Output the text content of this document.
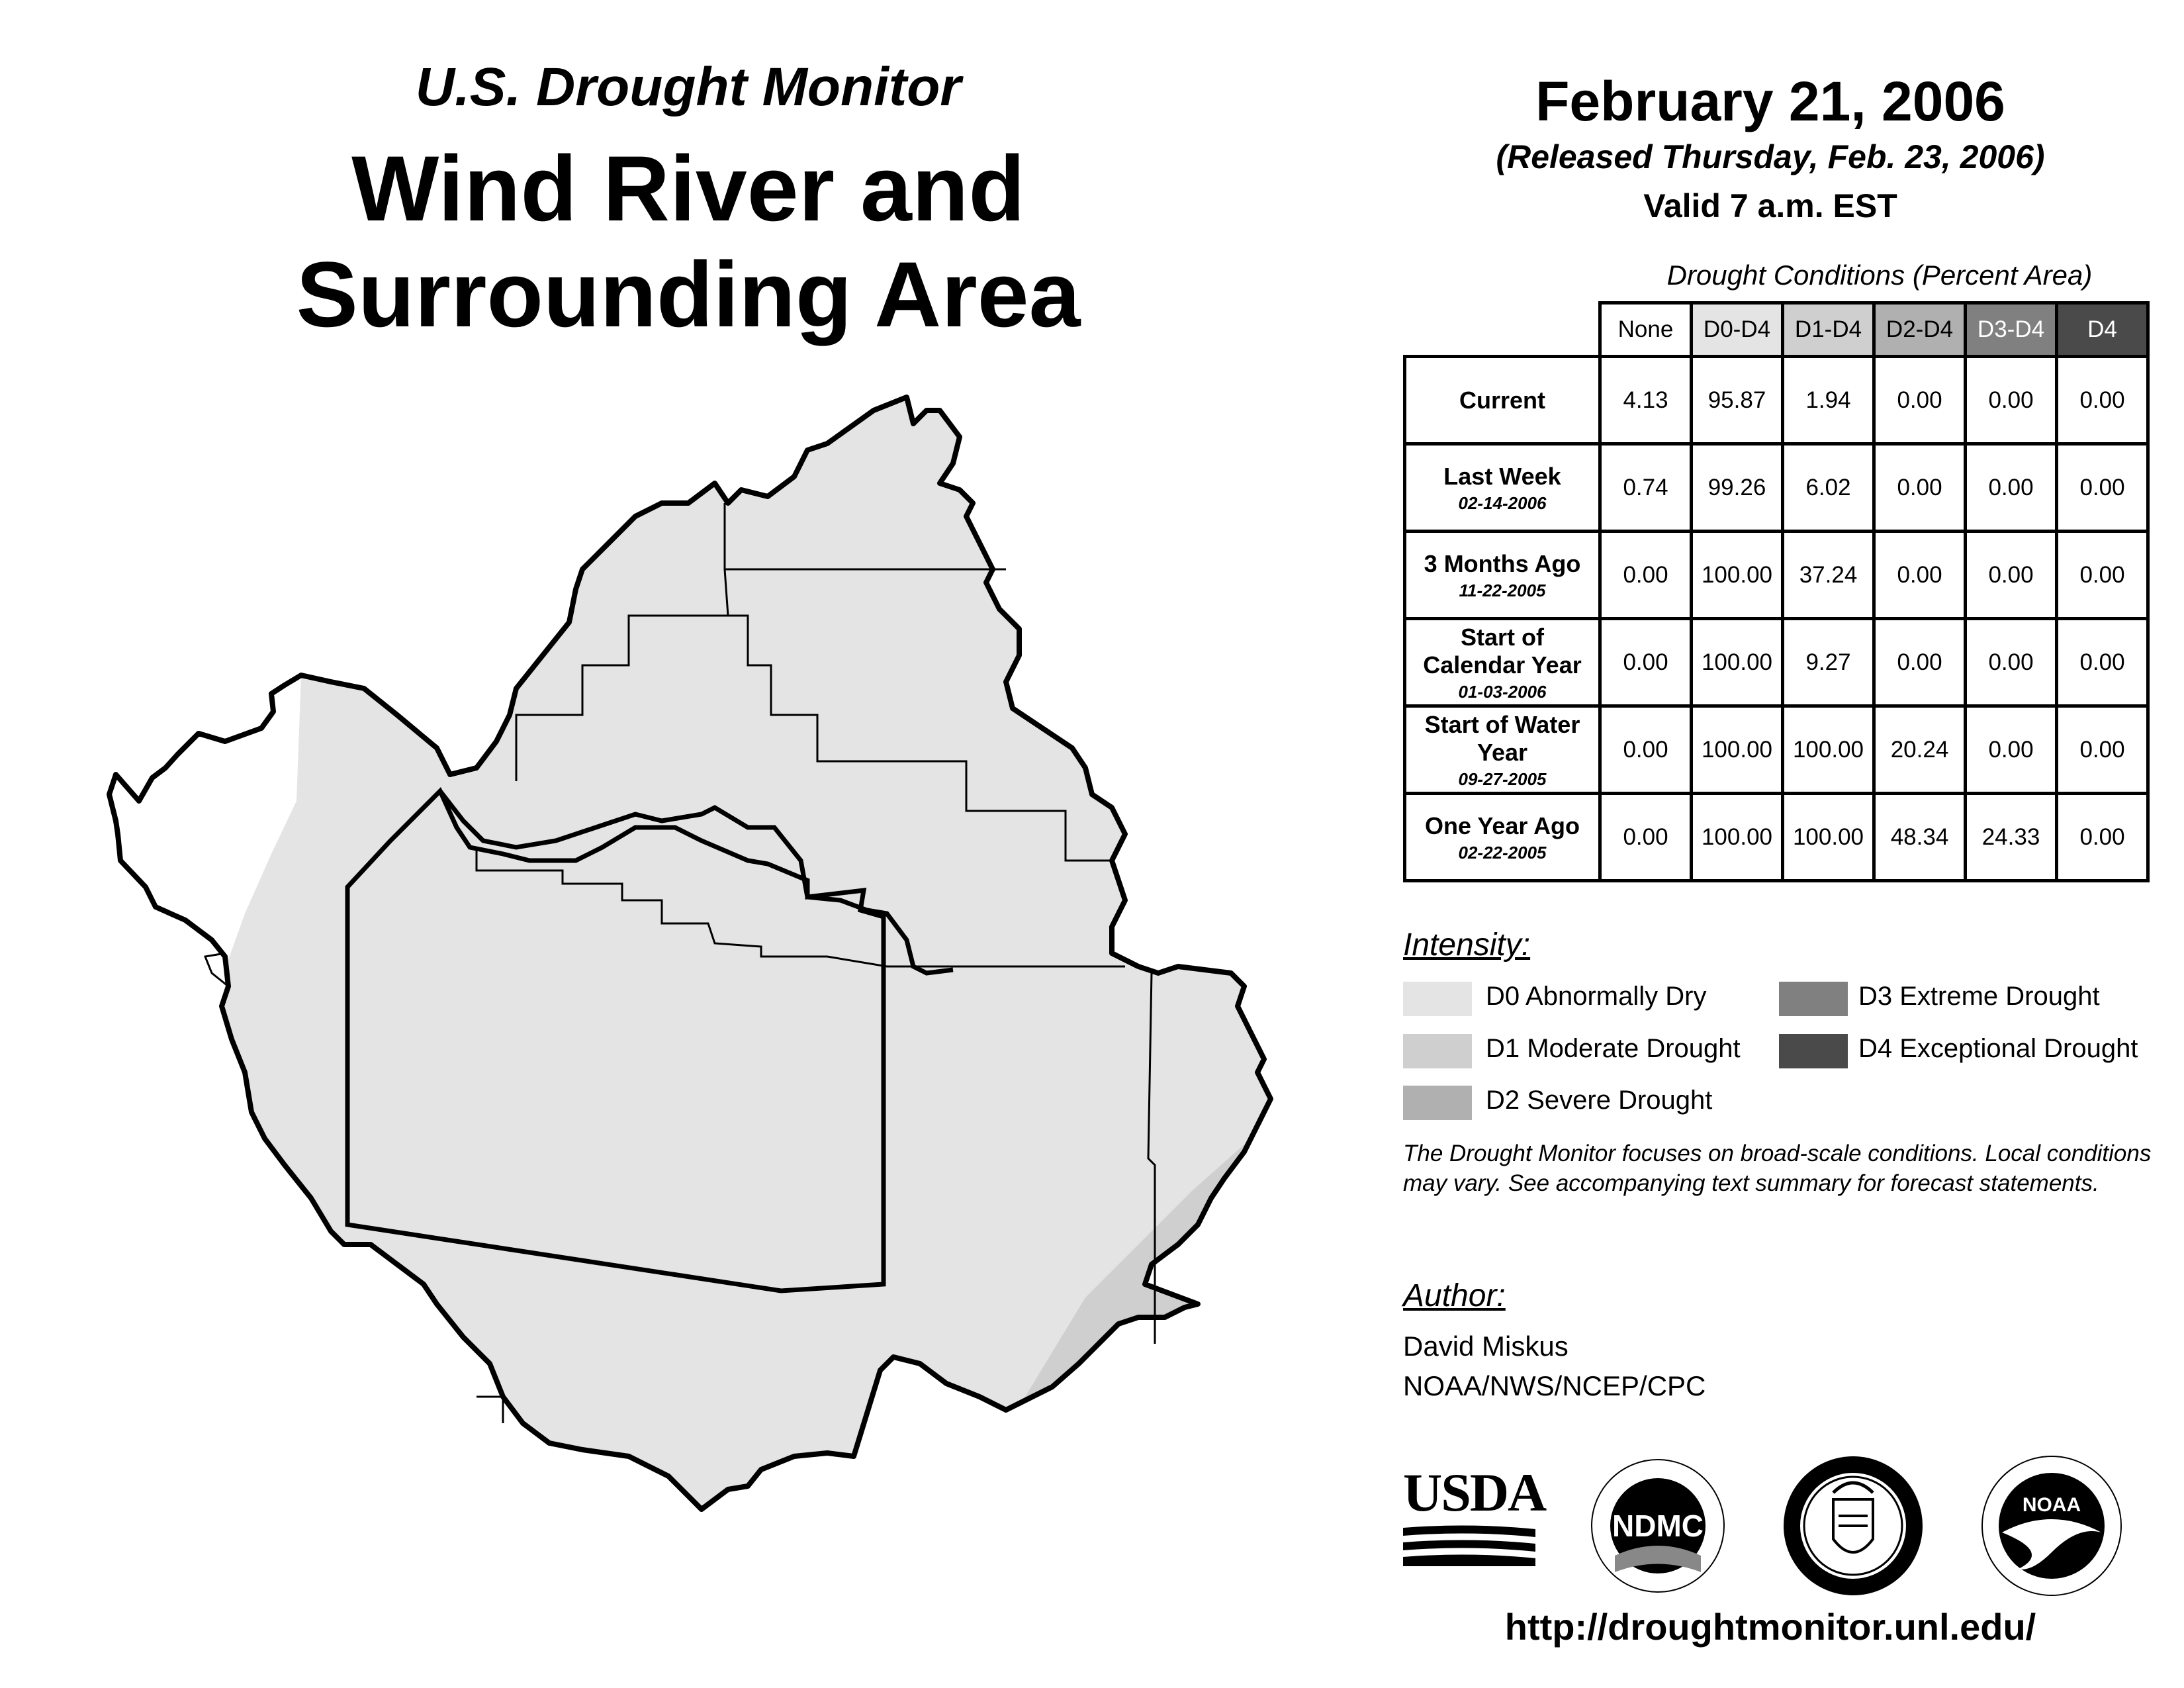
U.S. Drought Monitor
Wind River and
Surrounding Area
February 21, 2006
(Released Thursday, Feb. 23, 2006)
Valid 7 a.m. EST
Drought Conditions (Percent Area)
	None	D0-D4	D1-D4	D2-D4	D3-D4	D4
Current	4.13	95.87	1.94	0.00	0.00	0.00
Last Week
02-14-2006	0.74	99.26	6.02	0.00	0.00	0.00
3 Months Ago
11-22-2005	0.00	100.00	37.24	0.00	0.00	0.00
Start of Calendar Year
01-03-2006	0.00	100.00	9.27	0.00	0.00	0.00
Start of Water Year
09-27-2005	0.00	100.00	100.00	20.24	0.00	0.00
One Year Ago
02-22-2005	0.00	100.00	100.00	48.34	24.33	0.00
Intensity:
D0 Abnormally Dry
D1 Moderate Drought
D2 Severe Drought
D3 Extreme Drought
D4 Exceptional Drought
The Drought Monitor focuses on broad-scale conditions. Local conditions may vary. See accompanying text summary for forecast statements.
Author:
David Miskus
NOAA/NWS/NCEP/CPC
USDA
NDMC
NOAA
http://droughtmonitor.unl.edu/
